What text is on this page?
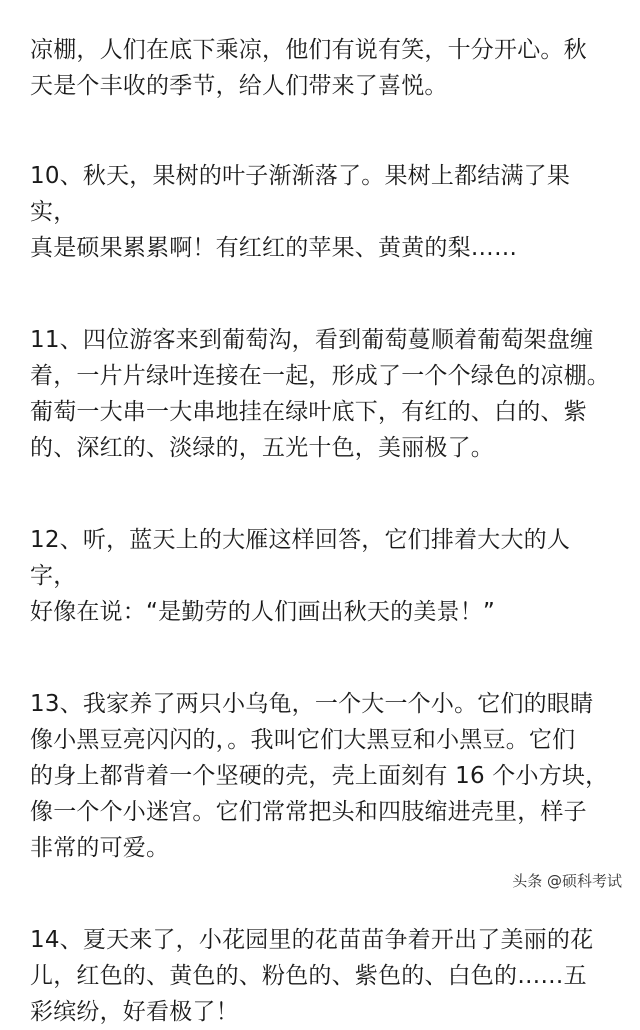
凉棚，人们在底下乘凉，他们有说有笑，十分开心。秋
天是个丰收的季节，给人们带来了喜悦。

10、秋天，果树的叶子渐渐落了。果树上都结满了果实，
真是硕果累累啊！有红红的苹果、黄黄的梨……

11、四位游客来到葡萄沟，看到葡萄蔓顺着葡萄架盘缠
着，一片片绿叶连接在一起，形成了一个个绿色的凉棚。
葡萄一大串一大串地挂在绿叶底下，有红的、白的、紫
的、深红的、淡绿的，五光十色，美丽极了。

12、听，蓝天上的大雁这样回答，它们排着大大的人字，
好像在说：“是勤劳的人们画出秋天的美景！”

13、我家养了两只小乌龟，一个大一个小。它们的眼睛
像小黑豆亮闪闪的，。我叫它们大黑豆和小黑豆。它们
的身上都背着一个坚硬的壳，壳上面刻有 16 个小方块，
像一个个小迷宫。它们常常把头和四肢缩进壳里，样子
非常的可爱。

14、夏天来了，小花园里的花苗苗争着开出了美丽的花
儿，红色的、黄色的、粉色的、紫色的、白色的……五
彩缤纷，好看极了！

头条 @硕科考试
